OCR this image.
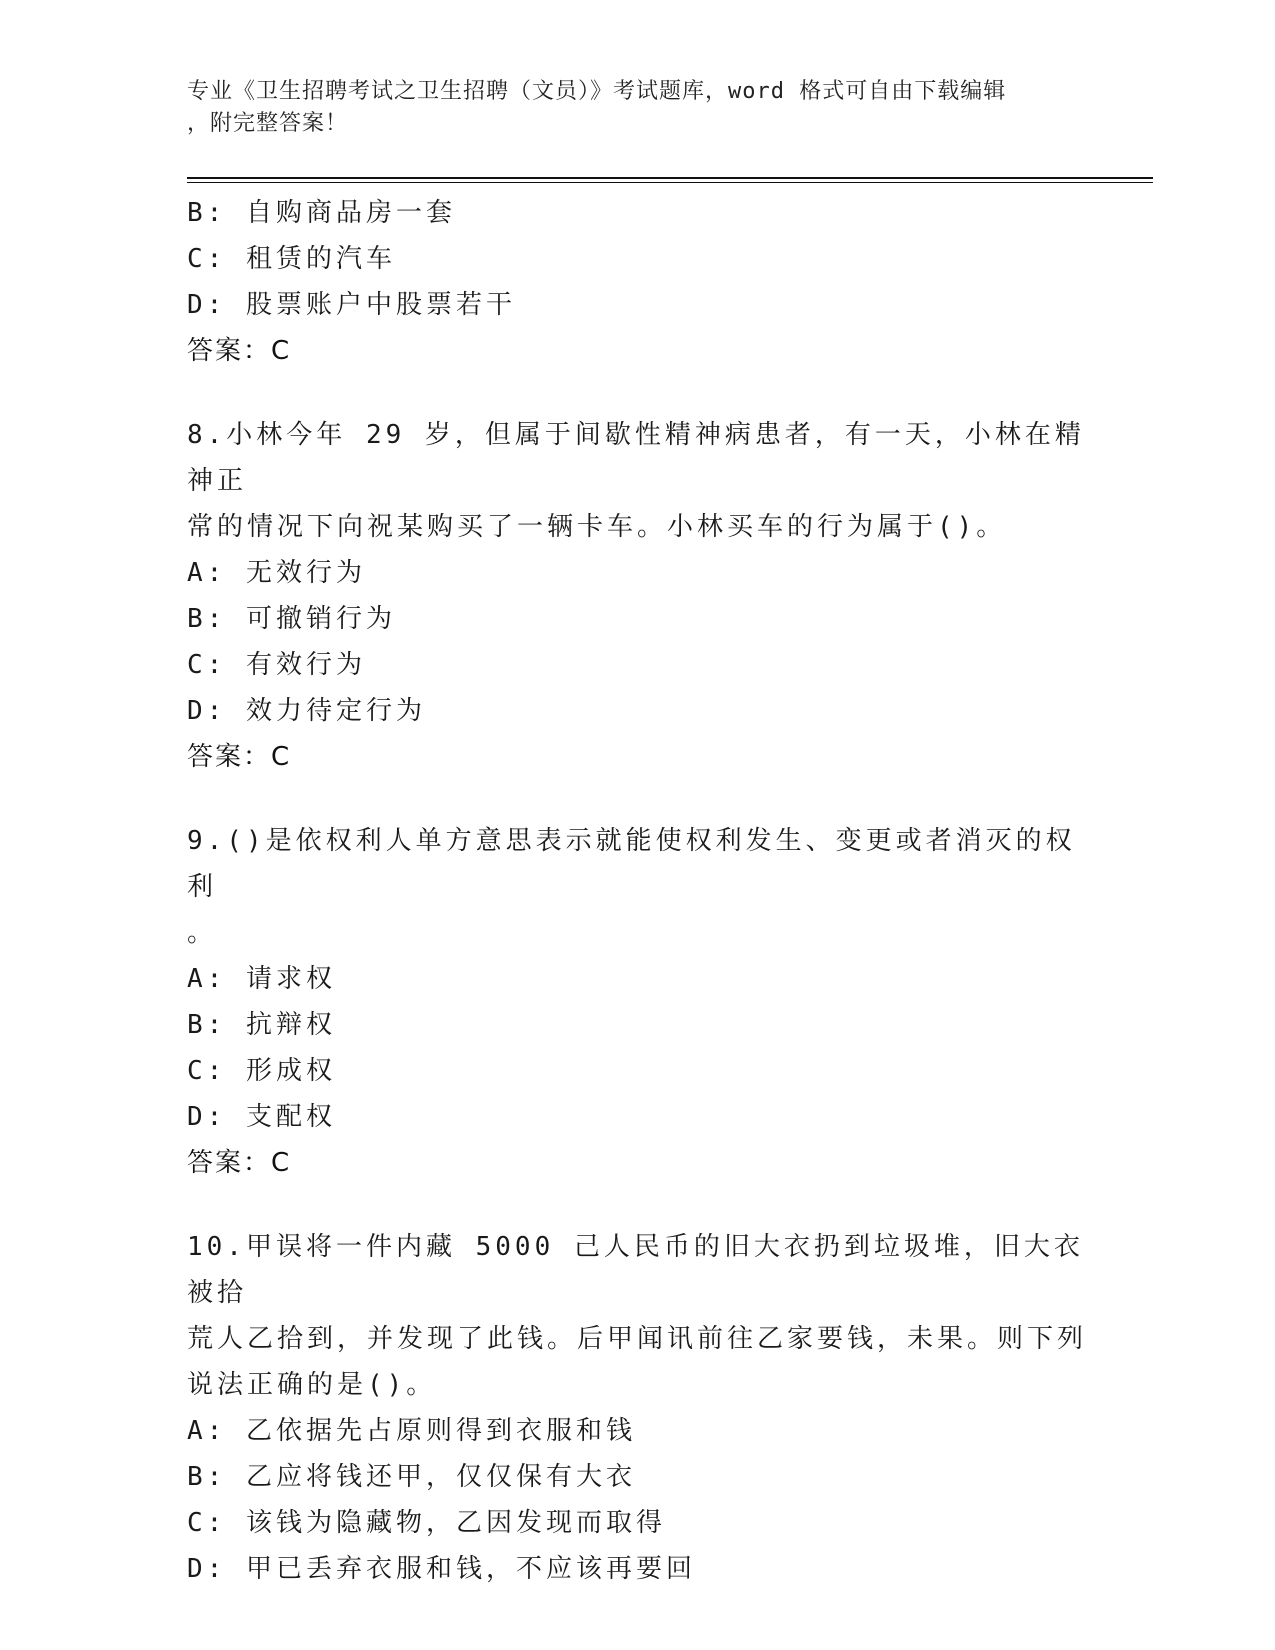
专业《卫生招聘考试之卫生招聘（文员）》考试题库，word 格式可自由下载编辑
，附完整答案！
B: 自购商品房一套
C: 租赁的汽车
D: 股票账户中股票若干
答案：C
8.小林今年 29 岁，但属于间歇性精神病患者，有一天，小林在精神正
常的情况下向祝某购买了一辆卡车。小林买车的行为属于()。
A: 无效行为
B: 可撤销行为
C: 有效行为
D: 效力待定行为
答案：C
9.()是依权利人单方意思表示就能使权利发生、变更或者消灭的权利
。
A: 请求权
B: 抗辩权
C: 形成权
D: 支配权
答案：C
10.甲误将一件内藏 5000 己人民币的旧大衣扔到垃圾堆，旧大衣被拾
荒人乙拾到，并发现了此钱。后甲闻讯前往乙家要钱，未果。则下列
说法正确的是()。
A: 乙依据先占原则得到衣服和钱
B: 乙应将钱还甲，仅仅保有大衣
C: 该钱为隐藏物，乙因发现而取得
D: 甲已丢弃衣服和钱，不应该再要回
